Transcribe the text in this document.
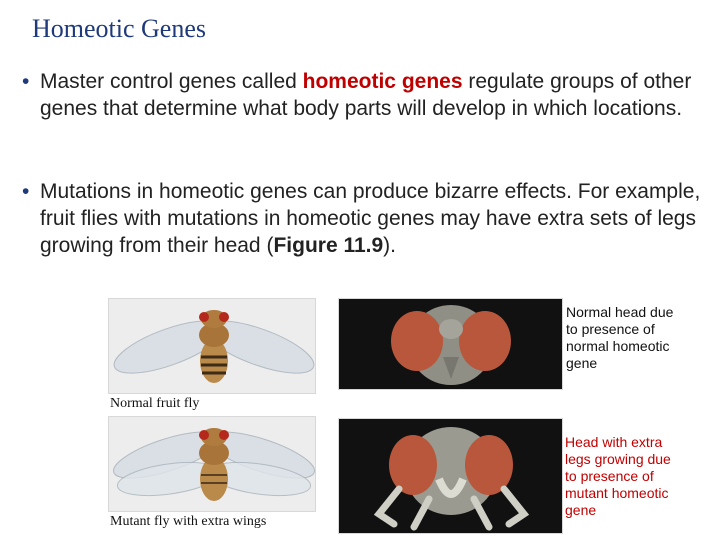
Homeotic Genes
• Master control genes called homeotic genes regulate groups of other genes that determine what body parts will develop in which locations.
• Mutations in homeotic genes can produce bizarre effects. For example, fruit flies with mutations in homeotic genes may have extra sets of legs growing from their head (Figure 11.9).
Normal fruit fly
Normal head due
to presence of
normal homeotic
gene
Mutant fly with extra wings
Head with extra
legs growing due
to presence of
mutant homeotic
gene
